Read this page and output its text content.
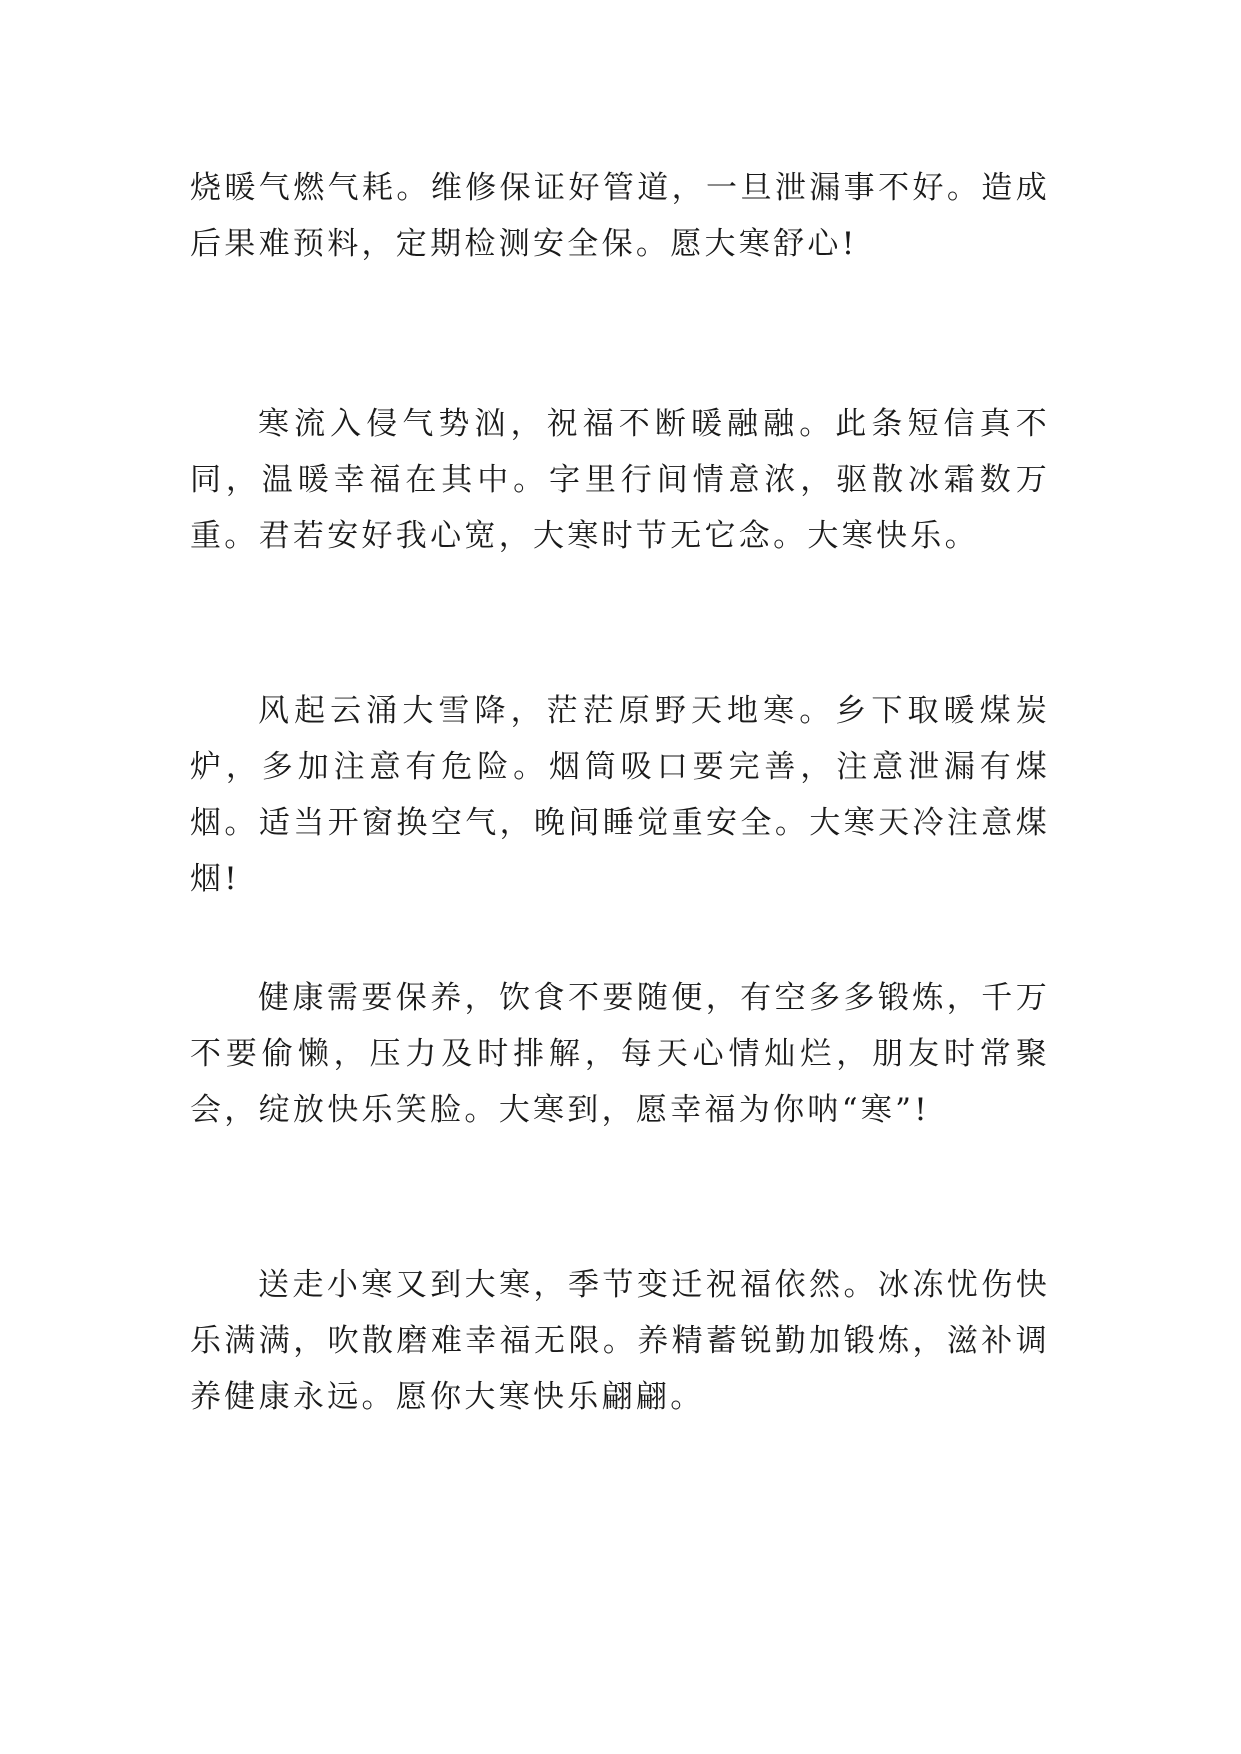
烧暖气燃气耗。维修保证好管道，一旦泄漏事不好。造成后果难预料，定期检测安全保。愿大寒舒心!

寒流入侵气势汹，祝福不断暖融融。此条短信真不同，温暖幸福在其中。字里行间情意浓，驱散冰霜数万重。君若安好我心宽，大寒时节无它念。大寒快乐。

风起云涌大雪降，茫茫原野天地寒。乡下取暖煤炭炉，多加注意有危险。烟筒吸口要完善，注意泄漏有煤烟。适当开窗换空气，晚间睡觉重安全。大寒天冷注意煤烟!

健康需要保养，饮食不要随便，有空多多锻炼，千万不要偷懒，压力及时排解，每天心情灿烂，朋友时常聚会，绽放快乐笑脸。大寒到，愿幸福为你呐“寒”!

送走小寒又到大寒，季节变迁祝福依然。冰冻忧伤快乐满满，吹散磨难幸福无限。养精蓄锐勤加锻炼，滋补调养健康永远。愿你大寒快乐翩翩。
